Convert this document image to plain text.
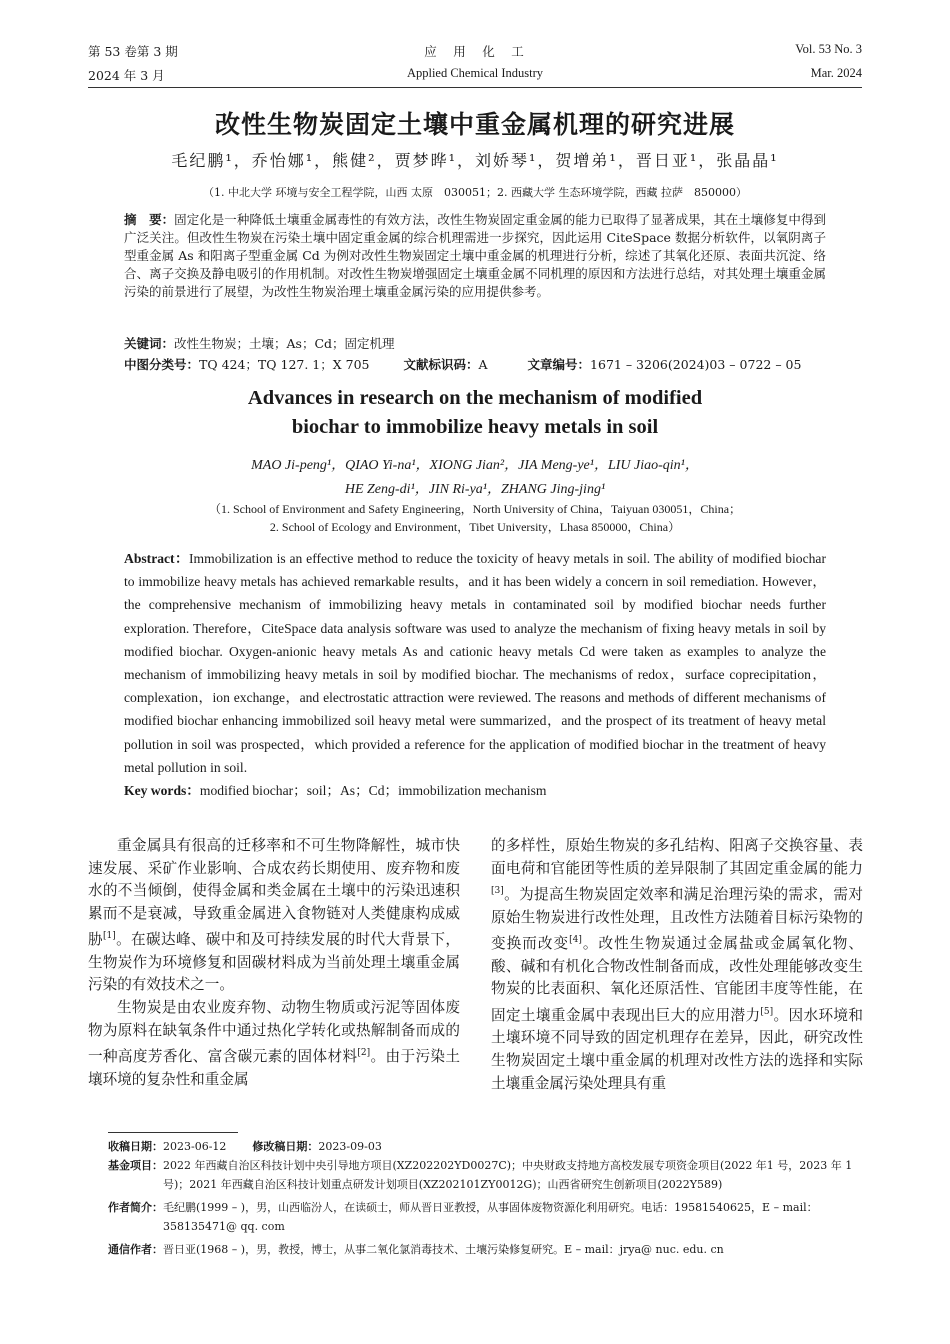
第 53 卷第 3 期
2024 年 3 月
应　用　化　工
Applied Chemical Industry
Vol. 53 No. 3
Mar. 2024
改性生物炭固定土壤中重金属机理的研究进展
毛纪鹏¹，乔怡娜¹，熊健²，贾梦晔¹，刘娇琴¹，贺增弟¹，晋日亚¹，张晶晶¹
（1. 中北大学 环境与安全工程学院，山西 太原　030051；2. 西藏大学 生态环境学院，西藏 拉萨　850000）
摘　要：固定化是一种降低土壤重金属毒性的有效方法，改性生物炭固定重金属的能力已取得了显著成果，其在土壤修复中得到广泛关注。但改性生物炭在污染土壤中固定重金属的综合机理需进一步探究，因此运用 CiteSpace 数据分析软件，以氧阴离子型重金属 As 和阳离子型重金属 Cd 为例对改性生物炭固定土壤中重金属的机理进行分析，综述了其氧化还原、表面共沉淀、络合、离子交换及静电吸引的作用机制。对改性生物炭增强固定土壤重金属不同机理的原因和方法进行总结，对其处理土壤重金属污染的前景进行了展望，为改性生物炭治理土壤重金属污染的应用提供参考。
关键词：改性生物炭；土壤；As；Cd；固定机理
中图分类号：TQ 424；TQ 127. 1；X 705	文献标识码：A	文章编号：1671 – 3206(2024)03 – 0722 – 05
Advances in research on the mechanism of modified
biochar to immobilize heavy metals in soil
MAO Ji-peng¹，QIAO Yi-na¹，XIONG Jian²，JIA Meng-ye¹，LIU Jiao-qin¹，
HE Zeng-di¹，JIN Ri-ya¹，ZHANG Jing-jing¹
（1. School of Environment and Safety Engineering，North University of China，Taiyuan 030051，China；
2. School of Ecology and Environment，Tibet University，Lhasa 850000，China）
Abstract：Immobilization is an effective method to reduce the toxicity of heavy metals in soil. The ability of modified biochar to immobilize heavy metals has achieved remarkable results，and it has been widely a concern in soil remediation. However，the comprehensive mechanism of immobilizing heavy metals in contaminated soil by modified biochar needs further exploration. Therefore，CiteSpace data analysis software was used to analyze the mechanism of fixing heavy metals in soil by modified biochar. Oxygen-anionic heavy metals As and cationic heavy metals Cd were taken as examples to analyze the mechanism of immobilizing heavy metals in soil by modified biochar. The mechanisms of redox，surface coprecipitation，complexation，ion exchange，and electrostatic attraction were reviewed. The reasons and methods of different mechanisms of modified biochar enhancing immobilized soil heavy metal were summarized，and the prospect of its treatment of heavy metal pollution in soil was prospected，which provided a reference for the application of modified biochar in the treatment of heavy metal pollution in soil.
Key words：modified biochar；soil；As；Cd；immobilization mechanism

重金属具有很高的迁移率和不可生物降解性，城市快速发展、采矿作业影响、合成农药长期使用、废弃物和废水的不当倾倒，使得金属和类金属在土壤中的污染迅速积累而不是衰减，导致重金属进入食物链对人类健康构成威胁[1]。在碳达峰、碳中和及可持续发展的时代大背景下，生物炭作为环境修复和固碳材料成为当前处理土壤重金属污染的有效技术之一。

生物炭是由农业废弃物、动物生物质或污泥等固体废物为原料在缺氧条件中通过热化学转化或热解制备而成的一种高度芳香化、富含碳元素的固体材料[2]。由于污染土壤环境的复杂性和重金属

的多样性，原始生物炭的多孔结构、阳离子交换容量、表面电荷和官能团等性质的差异限制了其固定重金属的能力[3]。为提高生物炭固定效率和满足治理污染的需求，需对原始生物炭进行改性处理，且改性方法随着目标污染物的变换而改变[4]。改性生物炭通过金属盐或金属氧化物、酸、碱和有机化合物改性制备而成，改性处理能够改变生物炭的比表面积、氧化还原活性、官能团丰度等性能，在固定土壤重金属中表现出巨大的应用潜力[5]。因水环境和土壤环境不同导致的固定机理存在差异，因此，研究改性生物炭固定土壤中重金属的机理对改性方法的选择和实际土壤重金属污染处理具有重

收稿日期： 2023-06-12 修改稿日期： 2023-09-03
基金项目： 2022 年西藏自治区科技计划中央引导地方项目(XZ202202YD0027C)；中央财政支持地方高校发展专项资金项目(2022 年1 号，2023 年 1 号)；2021 年西藏自治区科技计划重点研发计划项目(XZ202101ZY0012G)；山西省研究生创新项目(2022Y589)
作者简介： 毛纪鹏(1999 – )，男，山西临汾人，在读硕士，师从晋日亚教授，从事固体废物资源化利用研究。电话：19581540625，E – mail：358135471@ qq. com
通信作者： 晋日亚(1968 – )，男，教授，博士，从事二氧化氯消毒技术、土壤污染修复研究。E – mail：jrya@ nuc. edu. cn
